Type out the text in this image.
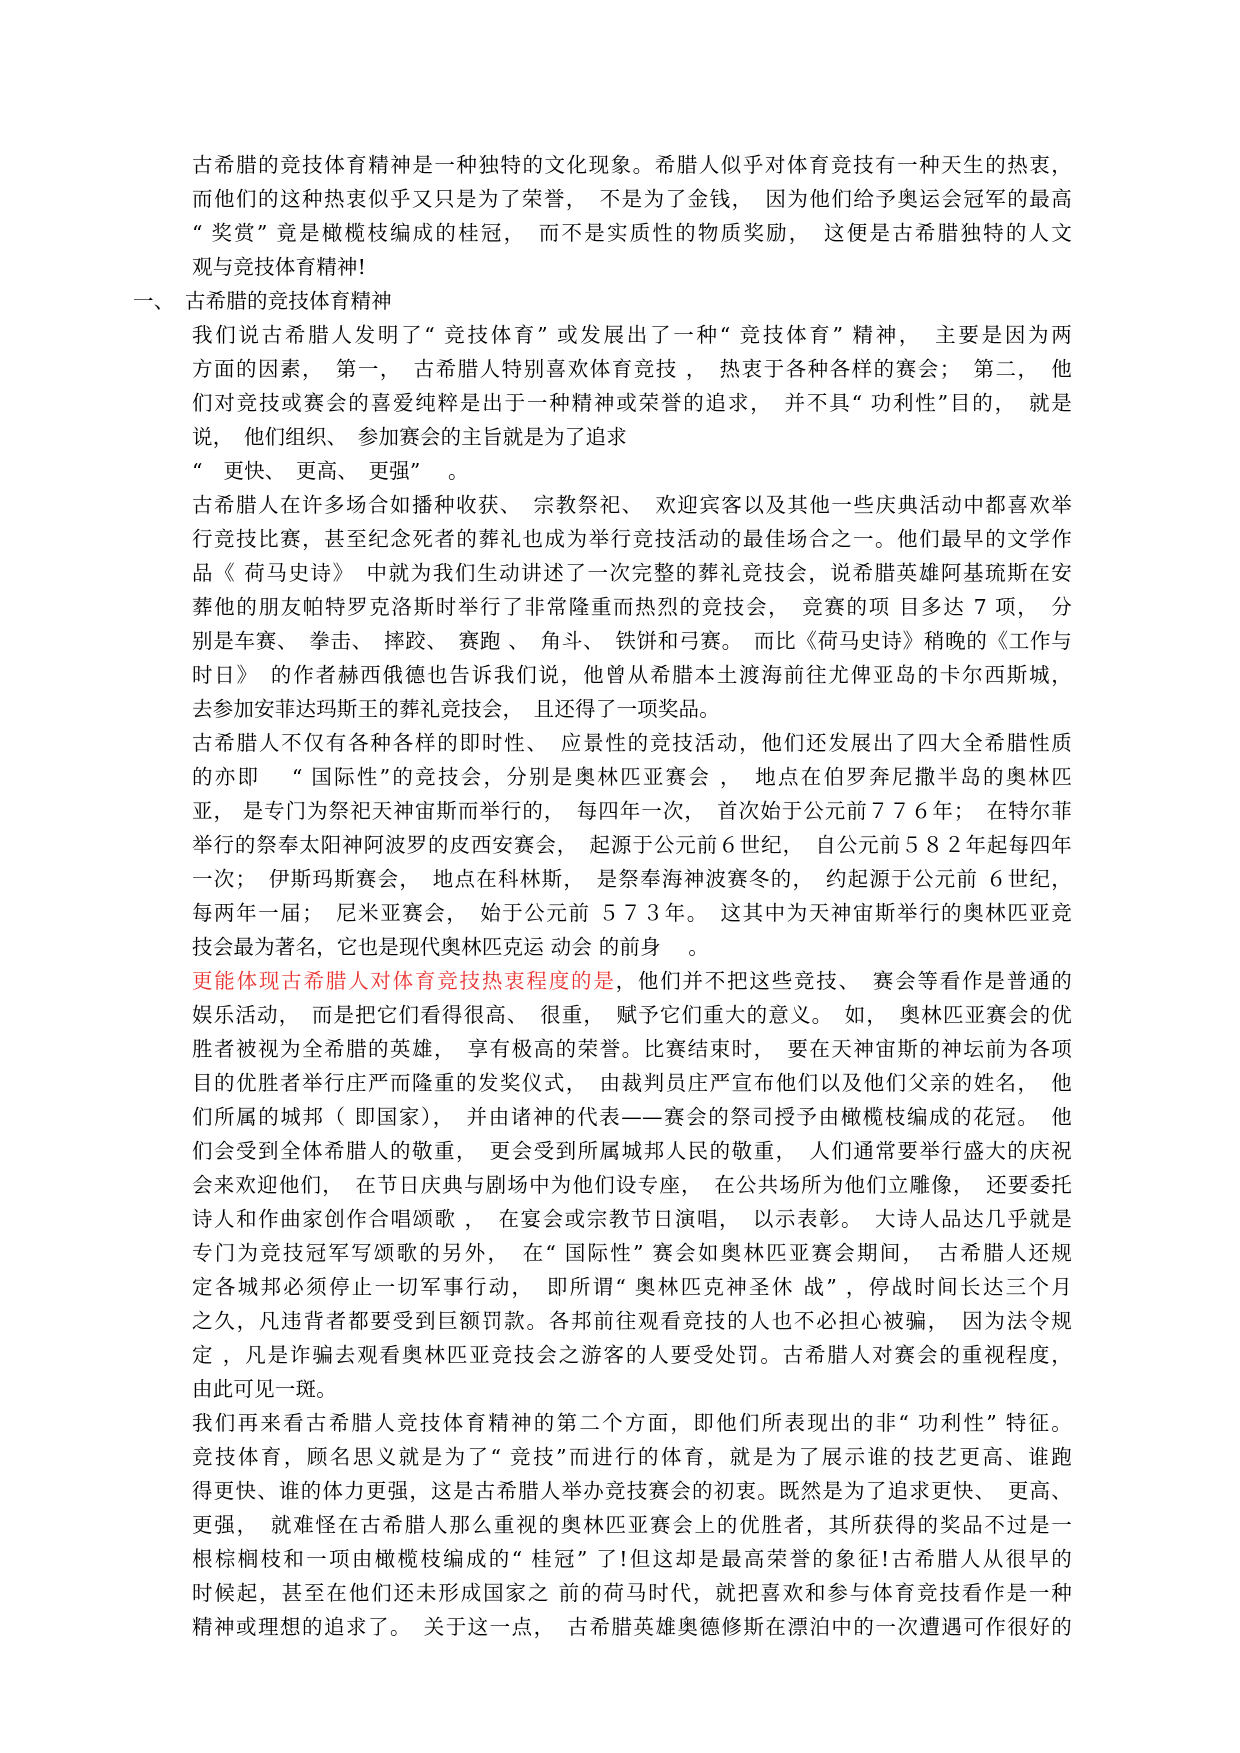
古希腊的竞技体育精神是一种独特的文化现象。希腊人似乎对体育竞技有一种天生的热衷，
而他们的这种热衷似乎又只是为了荣誉，　不是为了金钱，　因为他们给予奥运会冠军的最高
“ 奖赏” 竟是橄榄枝编成的桂冠，　而不是实质性的物质奖励，　这便是古希腊独特的人文
观与竞技体育精神!
一、　古希腊的竞技体育精神
我们说古希腊人发明了“ 竞技体育” 或发展出了一种“ 竞技体育” 精神，　主要是因为两
方面的因素，　第一，　古希腊人特别喜欢体育竞技 ，　热衷于各种各样的赛会；　第二，　他
们对竞技或赛会的喜爱纯粹是出于一种精神或荣誉的追求，　并不具“ 功利性”目的，　就是
说，　他们组织、　参加赛会的主旨就是为了追求
“　更快、　更高、　更强” 　。
古希腊人在许多场合如播种收获、　宗教祭祀、　欢迎宾客以及其他一些庆典活动中都喜欢举
行竞技比赛，甚至纪念死者的葬礼也成为举行竞技活动的最佳场合之一。他们最早的文学作
品《 荷马史诗》　中就为我们生动讲述了一次完整的葬礼竞技会，说希腊英雄阿基琉斯在安
葬他的朋友帕特罗克洛斯时举行了非常隆重而热烈的竞技会，　竞赛的项 目多达 7 项，　分
别是车赛、　拳击、　摔跤、　赛跑 、　角斗、　铁饼和弓赛。　而比《荷马史诗》稍晚的《工作与
时日》　的作者赫西俄德也告诉我们说，他曾从希腊本土渡海前往尤俾亚岛的卡尔西斯城，
去参加安菲达玛斯王的葬礼竞技会，　且还得了一项奖品。
古希腊人不仅有各种各样的即时性、　应景性的竞技活动，他们还发展出了四大全希腊性质
的亦即 　“ 国际性”的竞技会，分别是奥林匹亚赛会 ，　地点在伯罗奔尼撒半岛的奥林匹
亚， 是专门为祭祀天神宙斯而举行的，　每四年一次，　首次始于公元前７７６年；　在特尔菲
举行的祭奉太阳神阿波罗的皮西安赛会，　起源于公元前６世纪，　自公元前５８２年起每四年
一次；　伊斯玛斯赛会，　地点在科林斯，　是祭奉海神波赛冬的，　约起源于公元前 ６世纪，
每两年一届；　尼米亚赛会，　始于公元前 ５７３年。　这其中为天神宙斯举行的奥林匹亚竞
技会最为著名，它也是现代奥林匹克运 动会 的前身 　。
更能体现古希腊人对体育竞技热衷程度的是，他们并不把这些竞技、　赛会等看作是普通的
娱乐活动，　而是把它们看得很高、　很重，　赋予它们重大的意义。　如，　奥林匹亚赛会的优
胜者被视为全希腊的英雄，　享有极高的荣誉。比赛结束时，　要在天神宙斯的神坛前为各项
目的优胜者举行庄严而隆重的发奖仪式，　由裁判员庄严宣布他们以及他们父亲的姓名，　他
们所属的城邦（ 即国家），　并由诸神的代表——赛会的祭司授予由橄榄枝编成的花冠。　他
们会受到全体希腊人的敬重，　更会受到所属城邦人民的敬重，　人们通常要举行盛大的庆祝
会来欢迎他们，　在节日庆典与剧场中为他们设专座，　在公共场所为他们立雕像，　还要委托
诗人和作曲家创作合唱颂歌 ，　在宴会或宗教节日演唱，　以示表彰。　大诗人品达几乎就是
专门为竞技冠军写颂歌的另外，　在“ 国际性” 赛会如奥林匹亚赛会期间，　古希腊人还规
定各城邦必须停止一切军事行动，　即所谓“ 奥林匹克神圣休 战” ，停战时间长达三个月
之久，凡违背者都要受到巨额罚款。各邦前往观看竞技的人也不必担心被骗，　因为法令规
定 ，凡是诈骗去观看奥林匹亚竞技会之游客的人要受处罚。古希腊人对赛会的重视程度，
由此可见一斑。
我们再来看古希腊人竞技体育精神的第二个方面，即他们所表现出的非“ 功利性” 特征。
竞技体育，顾名思义就是为了“ 竞技”而进行的体育，就是为了展示谁的技艺更高、谁跑
得更快、谁的体力更强，这是古希腊人举办竞技赛会的初衷。既然是为了追求更快、　更高、
更强，　就难怪在古希腊人那么重视的奥林匹亚赛会上的优胜者，其所获得的奖品不过是一
根棕榈枝和一项由橄榄枝编成的“ 桂冠” 了!但这却是最高荣誉的象征!古希腊人从很早的
时候起，甚至在他们还未形成国家之 前的荷马时代，就把喜欢和参与体育竞技看作是一种
精神或理想的追求了。　关于这一点，　古希腊英雄奥德修斯在漂泊中的一次遭遇可作很好的
